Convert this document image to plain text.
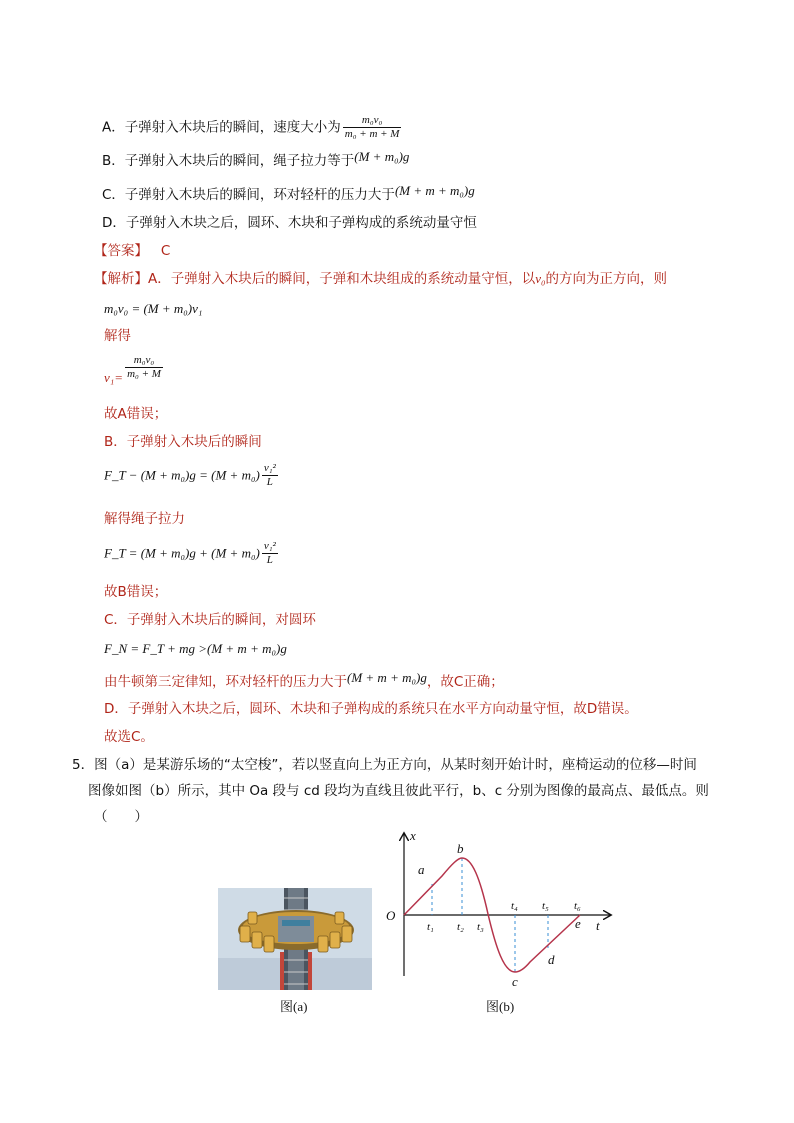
A．子弹射入木块后的瞬间，速度大小为 $\frac{\text{m₀v₀}}{\text{m₀ + m + M}}$
B．子弹射入木块后的瞬间，绳子拉力等于(M + m₀)g
C．子弹射入木块后的瞬间，环对轻杆的压力大于(M + m + m₀)g
D．子弹射入木块之后，圆环、木块和子弹构成的系统动量守恒
【答案】 C
【解析】A．子弹射入木块后的瞬间，子弹和木块组成的系统动量守恒，以v₀的方向为正方向，则
m₀v₀ = (M + m₀)v₁
解得
$v_1= \frac{\text{m₀v₀}}{\text{m₀ + M}}$
故A错误；
B．子弹射入木块后的瞬间
F_T − $(M + m_0)g = (M + m_0) \frac{\text{v₁²}}{L}$
解得绳子拉力
F_T = $(M + m_0)g + (M + m_0) \frac{\text{v₁²}}{L}$
故B错误；
C．子弹射入木块后的瞬间，对圆环
F_N = F_T + mg >(M + m + m₀)g
由牛顿第三定律知，环对轻杆的压力大于(M + m + m₀)g，故C正确；
D．子弹射入木块之后，圆环、木块和子弹构成的系统只在水平方向动量守恒，故D错误。
故选C。
5．图（a）是某游乐场的“太空梭”，若以竖直向上为正方向，从某时刻开始计时，座椅运动的位移—时间
图像如图（b）所示，其中 Oa 段与 cd 段均为直线且彼此平行，b、c 分别为图像的最高点、最低点。则
（　　）
图(a)
x
t
O
a
b
c
d
e
t₁ t₂ t₃
t₄ t₅ t₆
图(b)
